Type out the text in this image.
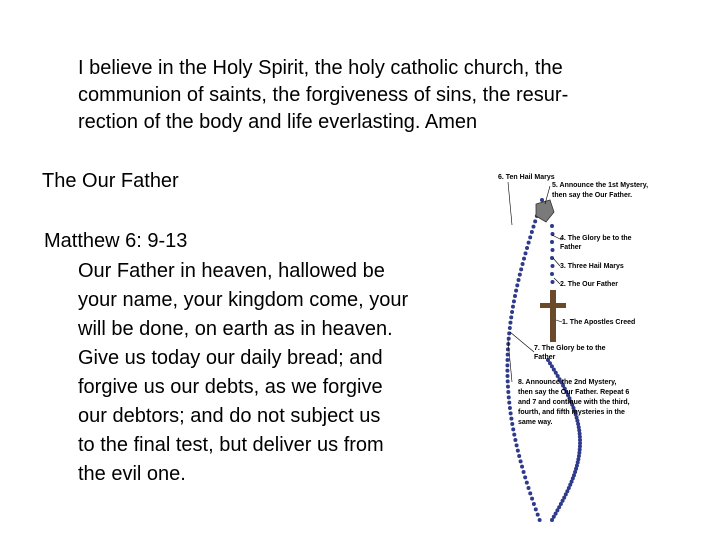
I believe in the Holy Spirit, the holy catholic church, the
communion of saints, the forgiveness of sins, the resur-
rection of the body and life everlasting. Amen
The Our Father
Matthew 6: 9-13
Our Father in heaven, hallowed be
your name, your kingdom come, your
will be done, on earth as in heaven.
Give us today our daily bread; and
forgive us our debts, as we forgive
our debtors; and do not subject us
to the final test, but deliver us from
the evil one.
6. Ten Hail Marys
5. Announce the 1st Mystery,
then say the Our Father.
4. The Glory be to the
Father
3. Three Hail Marys
2. The Our Father
1. The Apostles Creed
7. The Glory be to the
Father
8. Announce the 2nd Mystery,
then say the Our Father. Repeat 6
and 7 and continue with the third,
fourth, and fifth mysteries in the
same way.
